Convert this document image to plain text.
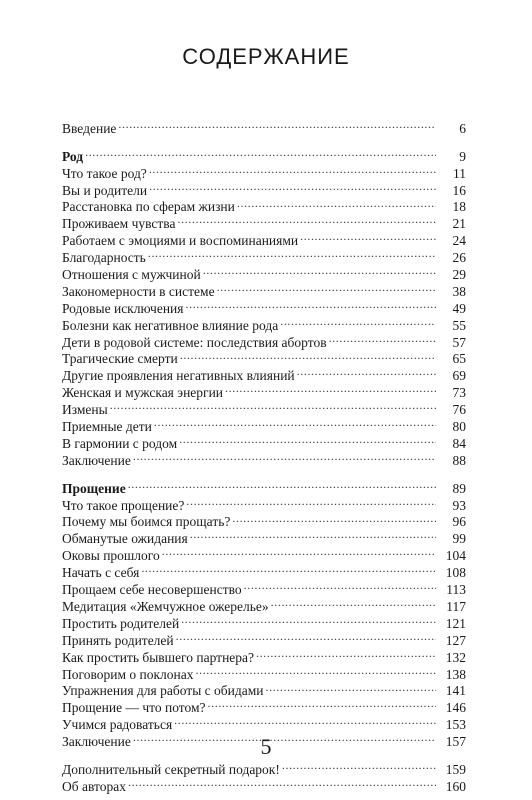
СОДЕРЖАНИЕ
Введение . . .	6
Род . . .	9
Что такое род? . . .	11
Вы и родители . . .	16
Расстановка по сферам жизни . . .	18
Проживаем чувства . . .	21
Работаем с эмоциями и воспоминаниями . . .	24
Благодарность . . .	26
Отношения с мужчиной . . .	29
Закономерности в системе . . .	38
Родовые исключения . . .	49
Болезни как негативное влияние рода . . .	55
Дети в родовой системе: последствия абортов . . .	57
Трагические смерти . . .	65
Другие проявления негативных влияний . . .	69
Женская и мужская энергии . . .	73
Измены . . .	76
Приемные дети . . .	80
В гармонии с родом . . .	84
Заключение . . .	88
Прощение . . .	89
Что такое прощение? . . .	93
Почему мы боимся прощать? . . .	96
Обманутые ожидания . . .	99
Оковы прошлого . . .	104
Начать с себя . . .	108
Прощаем себе несовершенство . . .	113
Медитация «Жемчужное ожерелье» . . .	117
Простить родителей . . .	121
Принять родителей . . .	127
Как простить бывшего партнера? . . .	132
Поговорим о поклонах . . .	138
Упражнения для работы с обидами . . .	141
Прощение — что потом? . . .	146
Учимся радоваться . . .	153
Заключение . . .	157
Дополнительный секретный подарок! . . .	159
Об авторах . . .	160
5
